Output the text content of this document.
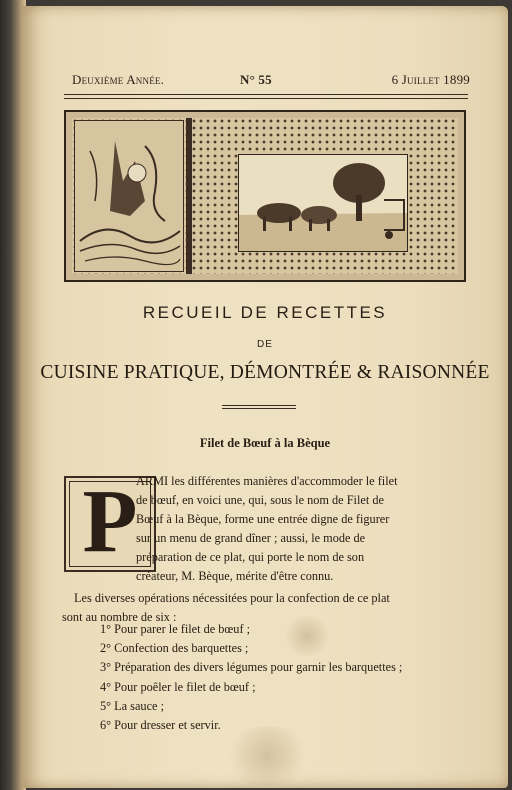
Deuxième Année.	N° 55	6 Juillet 1899
RECUEIL DE RECETTES
DE
CUISINE PRATIQUE, DÉMONTRÉE & RAISONNÉE
Filet de Bœuf à la Bèque
P
ARMI les différentes manières d'accommoder le filet
de bœuf, en voici une, qui, sous le nom de Filet de
Bœuf à la Bèque, forme une entrée digne de figurer
sur un menu de grand dîner ; aussi, le mode de
préparation de ce plat, qui porte le nom de son
créateur, M. Bèque, mérite d'être connu.
Les diverses opérations nécessitées pour la confection de ce plat
sont au nombre de six :
1° Pour parer le filet de bœuf ;
2° Confection des barquettes ;
3° Préparation des divers légumes pour garnir les barquettes ;
4° Pour poêler le filet de bœuf ;
5° La sauce ;
6° Pour dresser et servir.
